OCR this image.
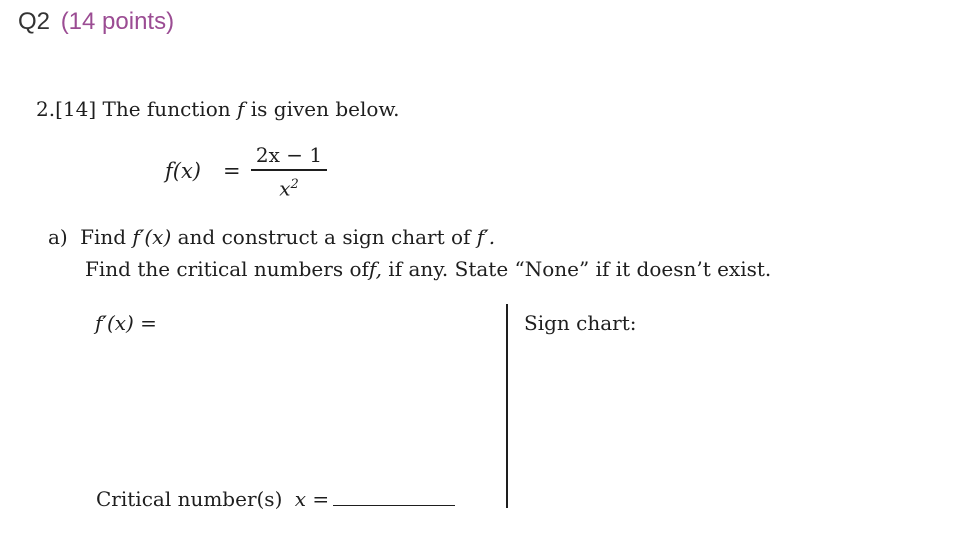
Q2 (14 points)
2.[14] The function f is given below.
f(x) =
2x − 1
$x^2$
a) Find f′(x) and construct a sign chart of f′.
Find the critical numbers off, if any. State “None” if it doesn’t exist.
f′(x) =	Sign chart:
Critical number(s) x =
